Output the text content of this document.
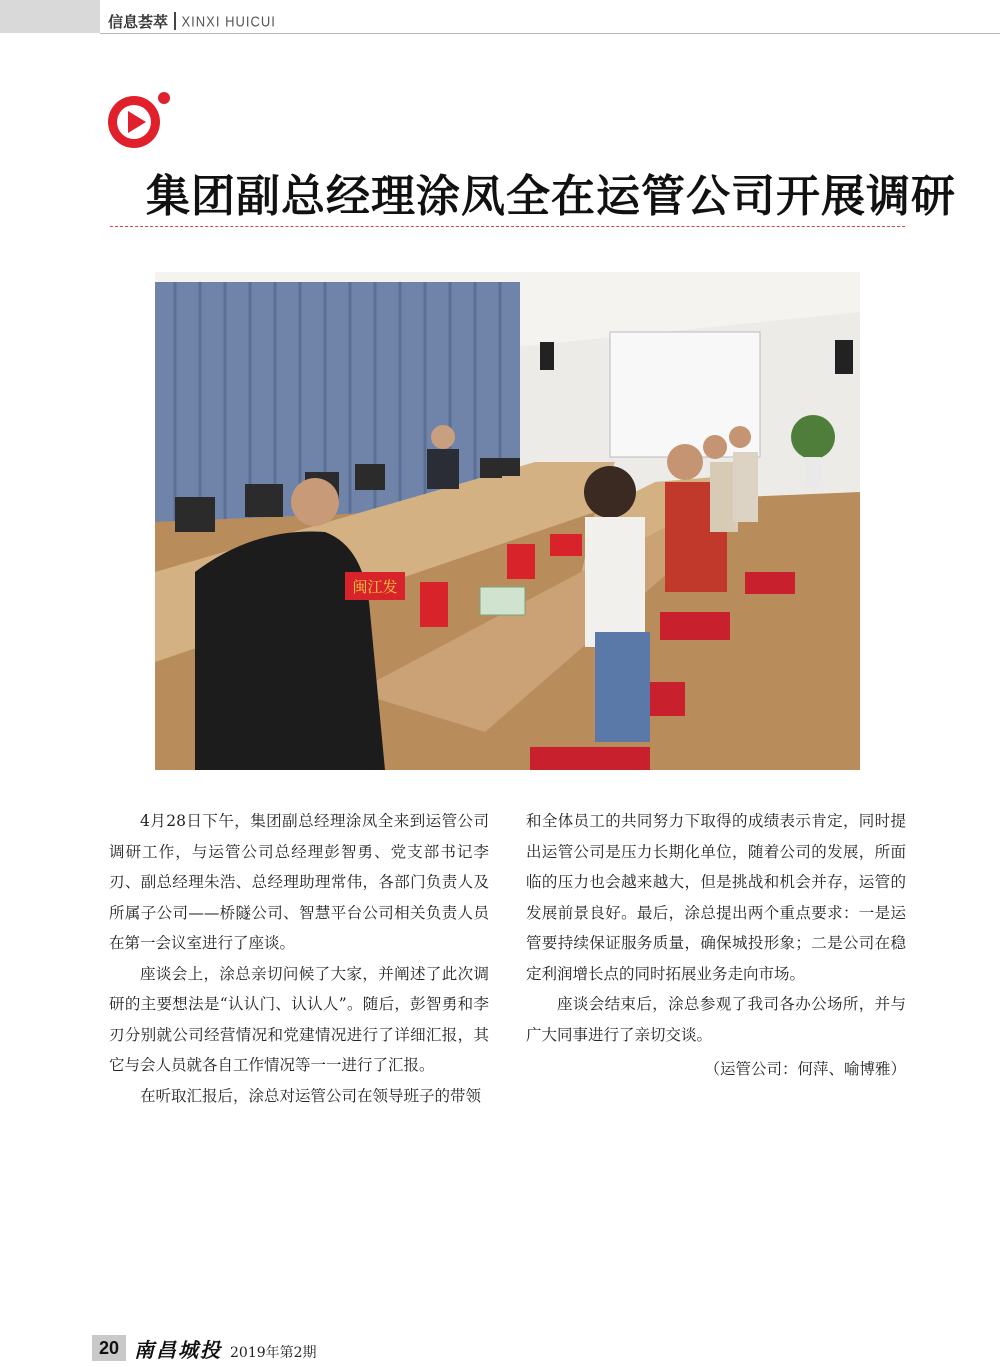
信息荟萃 XINXI HUICUI
集团副总经理涂凤全在运管公司开展调研
闽江发

4月28日下午，集团副总经理涂凤全来到运管公司调研工作，与运管公司总经理彭智勇、党支部书记李刃、副总经理朱浩、总经理助理常伟，各部门负责人及所属子公司——桥隧公司、智慧平台公司相关负责人员在第一会议室进行了座谈。

座谈会上，涂总亲切问候了大家，并阐述了此次调研的主要想法是“认认门、认认人”。随后，彭智勇和李刃分别就公司经营情况和党建情况进行了详细汇报，其它与会人员就各自工作情况等一一进行了汇报。

在听取汇报后，涂总对运管公司在领导班子的带领

和全体员工的共同努力下取得的成绩表示肯定，同时提出运管公司是压力长期化单位，随着公司的发展，所面临的压力也会越来越大，但是挑战和机会并存，运管的发展前景良好。最后，涂总提出两个重点要求：一是运管要持续保证服务质量，确保城投形象；二是公司在稳定利润增长点的同时拓展业务走向市场。

座谈会结束后，涂总参观了我司各办公场所，并与广大同事进行了亲切交谈。

（运管公司：何萍、喻博雅）

20 南昌城投 2019年第2期
